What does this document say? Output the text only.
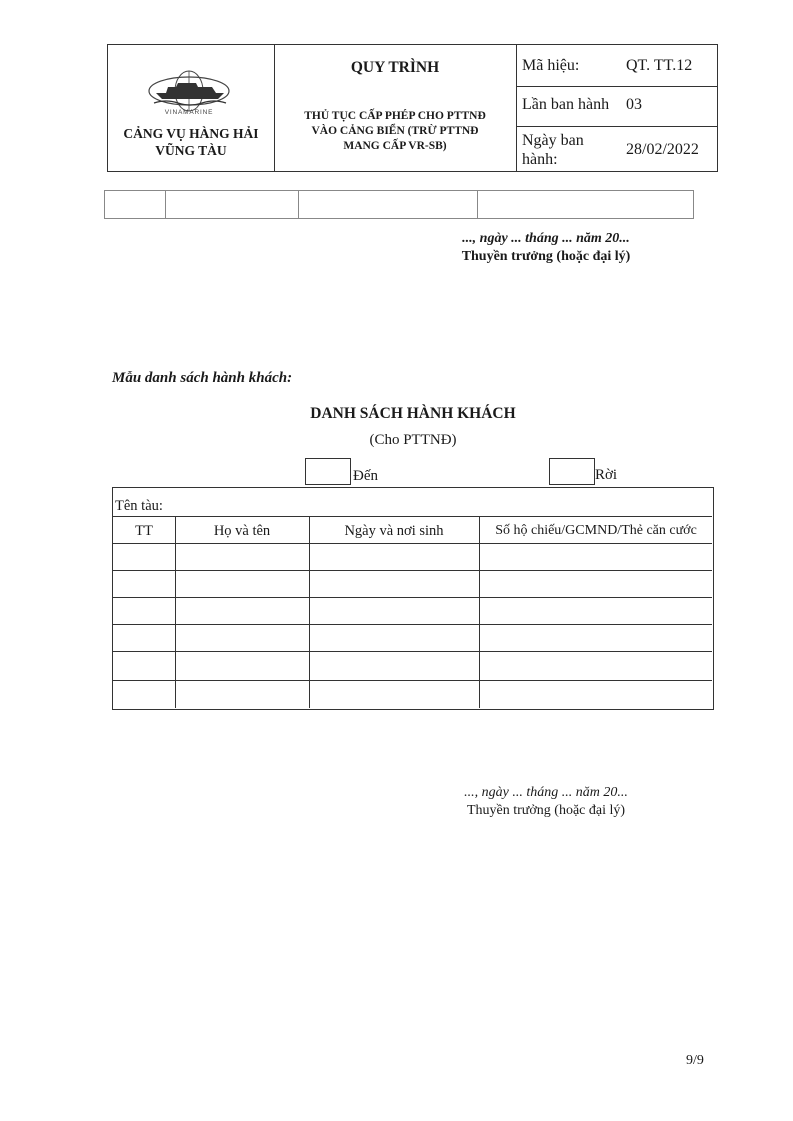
VINAMARINE
CẢNG VỤ HÀNG HẢI
VŨNG TÀU
QUY TRÌNH
THỦ TỤC CẤP PHÉP CHO PTTNĐ
VÀO CẢNG BIỂN (TRỪ PTTNĐ
MANG CẤP VR-SB)
Mã hiệu:	QT. TT.12
Lần ban hành 03
Ngày ban
hành:
28/02/2022
..., ngày ... tháng ... năm 20...
Thuyền trưởng (hoặc đại lý)
Mẫu danh sách hành khách:
DANH SÁCH HÀNH KHÁCH
(Cho PTTNĐ)
Đến	Rời
Tên tàu:
TT	Họ và tên	Ngày và nơi sinh	Số hộ chiếu/GCMND/Thẻ căn cước
..., ngày ... tháng ... năm 20...
Thuyền trưởng (hoặc đại lý)
9/9
